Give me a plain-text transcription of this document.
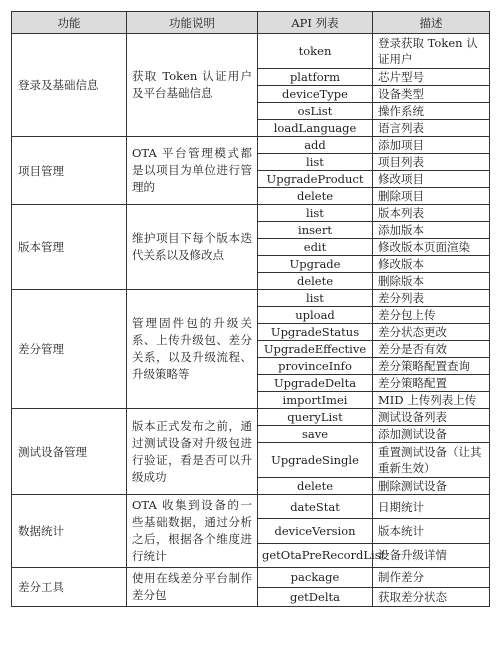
功能	功能说明	API 列表	描述
登录及基础信息	获取 Token 认证用户及平台基础信息	token	登录获取 Token 认证用户
		platform	芯片型号
		deviceType	设备类型
		osList	操作系统
		loadLanguage	语言列表
项目管理	OTA 平台管理模式都是以项目为单位进行管理的	add	添加项目
		list	项目列表
		UpgradeProduct	修改项目
		delete	删除项目
版本管理	维护项目下每个版本迭代关系以及修改点	list	版本列表
		insert	添加版本
		edit	修改版本页面渲染
		Upgrade	修改版本
		delete	删除版本
差分管理	管理固件包的升级关系、上传升级包、差分关系，以及升级流程、升级策略等	list	差分列表
		upload	差分包上传
		UpgradeStatus	差分状态更改
		UpgradeEffective	差分是否有效
		provinceInfo	差分策略配置查询
		UpgradeDelta	差分策略配置
		importImei	MID 上传列表上传
测试设备管理	版本正式发布之前，通过测试设备对升级包进行验证，看是否可以升级成功	queryList	测试设备列表
		save	添加测试设备
		UpgradeSingle	重置测试设备（让其重新生效）
		delete	删除测试设备
数据统计	OTA 收集到设备的一些基础数据，通过分析之后，根据各个维度进行统计	dateStat	日期统计
		deviceVersion	版本统计
		getOtaPreRecordList	设备升级详情
差分工具	使用在线差分平台制作差分包	package	制作差分
		getDelta	获取差分状态
